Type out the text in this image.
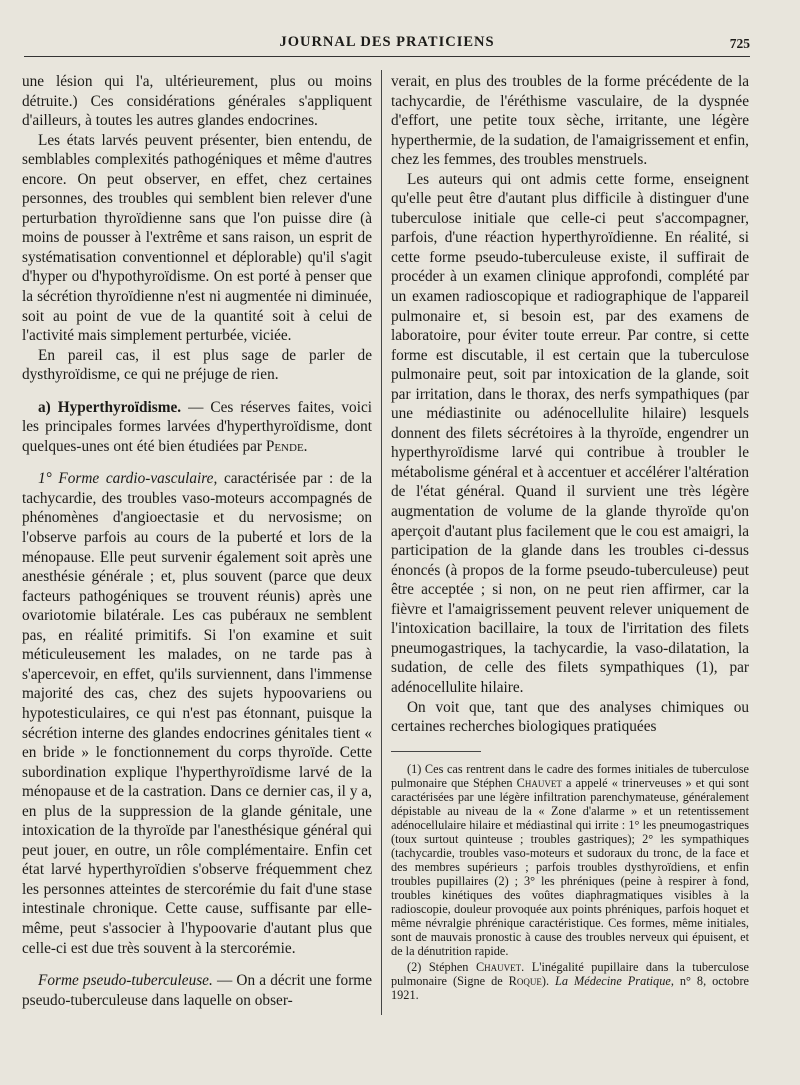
JOURNAL DES PRATICIENS	725

une lésion qui l'a, ultérieurement, plus ou moins détruite.) Ces considérations générales s'appliquent d'ailleurs, à toutes les autres glandes endocrines.

Les états larvés peuvent présenter, bien entendu, de semblables complexités pathogéniques et même d'autres encore. On peut observer, en effet, chez certaines personnes, des troubles qui semblent bien relever d'une perturbation thyroïdienne sans que l'on puisse dire (à moins de pousser à l'extrême et sans raison, un esprit de systématisation conventionnel et déplorable) qu'il s'agit d'hyper ou d'hypothyroïdisme. On est porté à penser que la sécrétion thyroïdienne n'est ni augmentée ni diminuée, soit au point de vue de la quantité soit à celui de l'activité mais simplement perturbée, viciée.

En pareil cas, il est plus sage de parler de dysthyroïdisme, ce qui ne préjuge de rien.

a) Hyperthyroïdisme. — Ces réserves faites, voici les principales formes larvées d'hyperthyroïdisme, dont quelques-unes ont été bien étudiées par Pende.

1° Forme cardio-vasculaire, caractérisée par : de la tachycardie, des troubles vaso-moteurs accompagnés de phénomènes d'angioectasie et du nervosisme; on l'observe parfois au cours de la puberté et lors de la ménopause. Elle peut survenir également soit après une anesthésie générale ; et, plus souvent (parce que deux facteurs pathogéniques se trouvent réunis) après une ovariotomie bilatérale. Les cas pubéraux ne semblent pas, en réalité primitifs. Si l'on examine et suit méticuleusement les malades, on ne tarde pas à s'apercevoir, en effet, qu'ils surviennent, dans l'immense majorité des cas, chez des sujets hypoovariens ou hypotesticulaires, ce qui n'est pas étonnant, puisque la sécrétion interne des glandes endocrines génitales tient « en bride » le fonctionnement du corps thyroïde. Cette subordination explique l'hyperthyroïdisme larvé de la ménopause et de la castration. Dans ce dernier cas, il y a, en plus de la suppression de la glande génitale, une intoxication de la thyroïde par l'anesthésique général qui peut jouer, en outre, un rôle complémentaire. Enfin cet état larvé hyperthyroïdien s'observe fréquemment chez les personnes atteintes de stercorémie du fait d'une stase intestinale chronique. Cette cause, suffisante par elle-même, peut s'associer à l'hypoovarie d'autant plus que celle-ci est due très souvent à la stercorémie.

Forme pseudo-tuberculeuse. — On a décrit une forme pseudo-tuberculeuse dans laquelle on obser-

verait, en plus des troubles de la forme précédente de la tachycardie, de l'éréthisme vasculaire, de la dyspnée d'effort, une petite toux sèche, irritante, une légère hyperthermie, de la sudation, de l'amaigrissement et enfin, chez les femmes, des troubles menstruels.

Les auteurs qui ont admis cette forme, enseignent qu'elle peut être d'autant plus difficile à distinguer d'une tuberculose initiale que celle-ci peut s'accompagner, parfois, d'une réaction hyperthyroïdienne. En réalité, si cette forme pseudo-tuberculeuse existe, il suffirait de procéder à un examen clinique approfondi, complété par un examen radioscopique et radiographique de l'appareil pulmonaire et, si besoin est, par des examens de laboratoire, pour éviter toute erreur. Par contre, si cette forme est discutable, il est certain que la tuberculose pulmonaire peut, soit par intoxication de la glande, soit par irritation, dans le thorax, des nerfs sympathiques (par une médiastinite ou adénocellulite hilaire) lesquels donnent des filets sécrétoires à la thyroïde, engendrer un hyperthyroïdisme larvé qui contribue à troubler le métabolisme général et à accentuer et accélérer l'altération de l'état général. Quand il survient une très légère augmentation de volume de la glande thyroïde qu'on aperçoit d'autant plus facilement que le cou est amaigri, la participation de la glande dans les troubles ci-dessus énoncés (à propos de la forme pseudo-tuberculeuse) peut être acceptée ; si non, on ne peut rien affirmer, car la fièvre et l'amaigrissement peuvent relever uniquement de l'intoxication bacillaire, la toux de l'irritation des filets pneumogastriques, la tachycardie, la vaso-dilatation, la sudation, de celle des filets sympathiques (1), par adénocellulite hilaire.

On voit que, tant que des analyses chimiques ou certaines recherches biologiques pratiquées

(1) Ces cas rentrent dans le cadre des formes initiales de tuberculose pulmonaire que Stéphen Chauvet a appelé « trinerveuses » et qui sont caractérisées par une légère infiltration parenchymateuse, généralement dépistable au niveau de la « Zone d'alarme » et un retentissement adénocellulaire hilaire et médiastinal qui irrite : 1° les pneumogastriques (toux surtout quinteuse ; troubles gastriques); 2° les sympathiques (tachycardie, troubles vaso-moteurs et sudoraux du tronc, de la face et des membres supérieurs ; parfois troubles dysthyroïdiens, et enfin troubles pupillaires (2) ; 3° les phréniques (peine à respirer à fond, troubles kinétiques des voûtes diaphragmatiques visibles à la radioscopie, douleur provoquée aux points phréniques, parfois hoquet et même névralgie phrénique caractéristique. Ces formes, même initiales, sont de mauvais pronostic à cause des troubles nerveux qui épuisent, et de la dénutrition rapide.

(2) Stéphen Chauvet. L'inégalité pupillaire dans la tuberculose pulmonaire (Signe de Roque). La Médecine Pratique, n° 8, octobre 1921.
